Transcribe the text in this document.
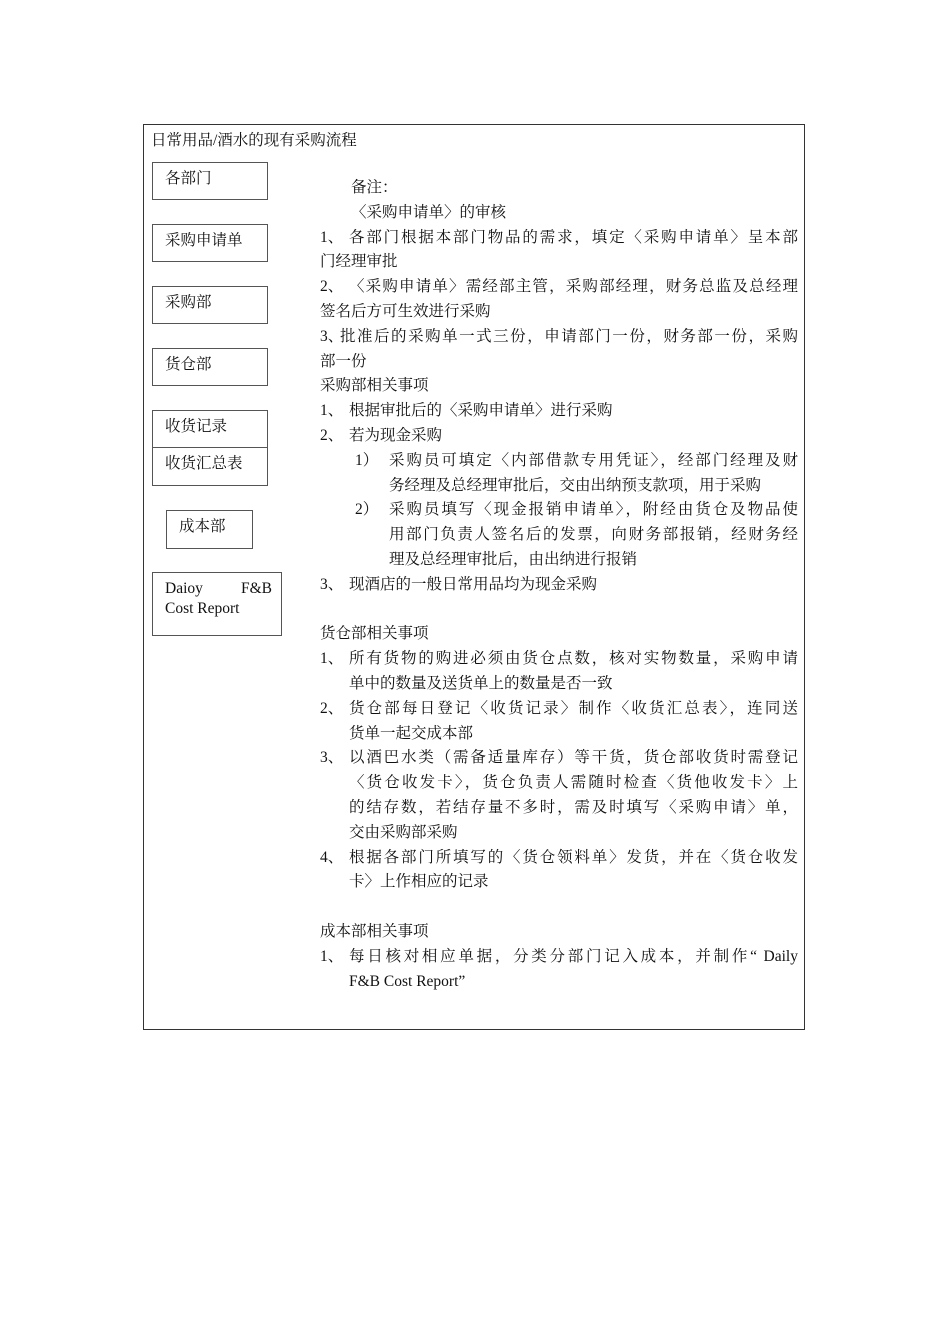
日常用品/酒水的现有采购流程
各部门
采购申请单
采购部
货仓部
收货记录
收货汇总表
成本部
Daioy F&B
Cost Report
备注：
〈采购申请单〉的审核
1、 各部门根据本部门物品的需求，填定〈采购申请单〉呈本部
门经理审批
2、 〈采购申请单〉需经部主管，采购部经理，财务总监及总经理
签名后方可生效进行采购
3、
批准后的采购单一式三份，申请部门一份，财务部一份，采购
部一份
采购部相关事项
1、 根据审批后的〈采购申请单〉进行采购
2、 若为现金采购
1） 采购员可填定〈内部借款专用凭证〉，经部门经理及财
务经理及总经理审批后，交由出纳预支款项，用于采购
2） 采购员填写〈现金报销申请单〉，附经由货仓及物品使
用部门负责人签名后的发票，向财务部报销，经财务经
理及总经理审批后，由出纳进行报销
3、 现酒店的一般日常用品均为现金采购
货仓部相关事项
1、 所有货物的购进必须由货仓点数，核对实物数量，采购申请
单中的数量及送货单上的数量是否一致
2、 货仓部每日登记〈收货记录〉制作〈收货汇总表〉，连同送
货单一起交成本部
3、 以酒巴水类（需备适量库存）等干货，货仓部收货时需登记
〈货仓收发卡〉，货仓负责人需随时检查〈货他收发卡〉上
的结存数，若结存量不多时，需及时填写〈采购申请〉单，
交由采购部采购
4、 根据各部门所填写的〈货仓领料单〉发货，并在〈货仓收发
卡〉上作相应的记录
成本部相关事项
1、 每日核对相应单据，分类分部门记入成本，并制作“ Daily
F&B Cost Report”
